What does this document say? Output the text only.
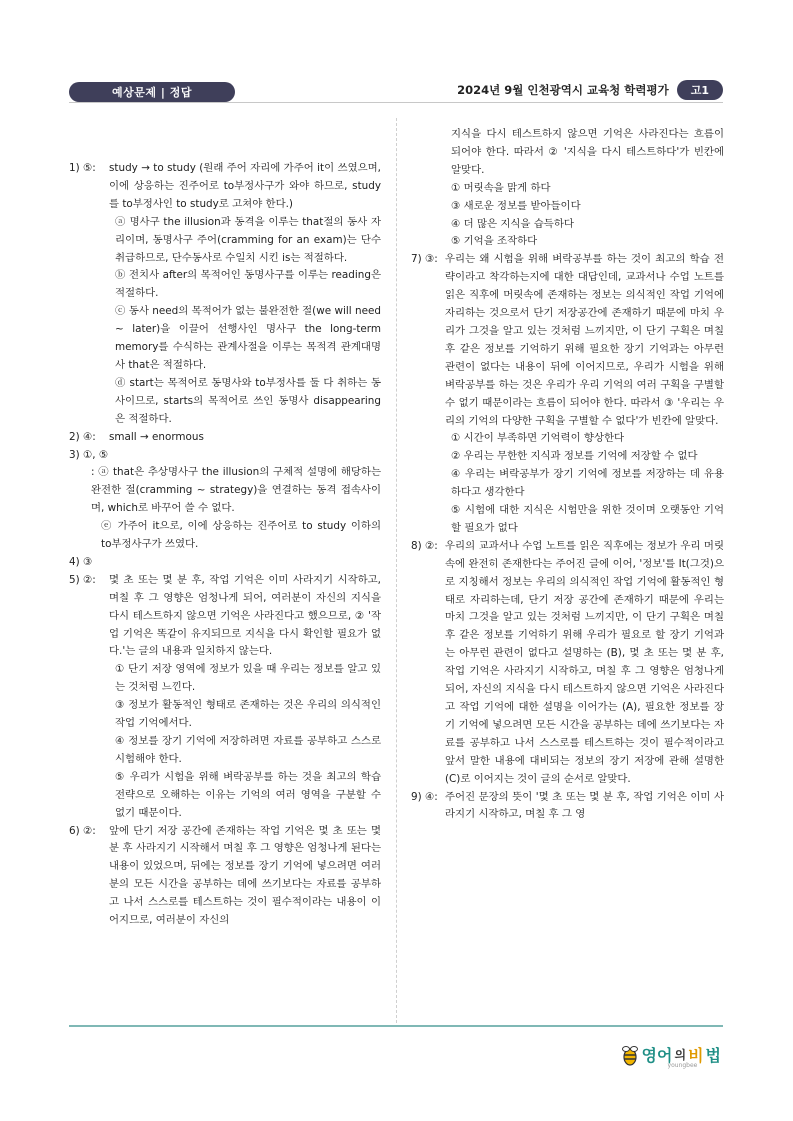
예상문제 | 정답	2024년 9월 인천광역시 교육청 학력평가	고1
1) ⑤:	study → to study (원래 주어 자리에 가주어 it이 쓰였으며, 이에 상응하는 진주어로 to부정사구가 와야 하므로, study를 to부정사인 to study로 고쳐야 한다.)

ⓐ 명사구 the illusion과 동격을 이루는 that절의 동사 자리이며, 동명사구 주어(cramming for an exam)는 단수 취급하므로, 단수동사로 수일치 시킨 is는 적절하다.

ⓑ 전치사 after의 목적어인 동명사구를 이루는 reading은 적절하다.

ⓒ 동사 need의 목적어가 없는 불완전한 절(we will need ~ later)을 이끌어 선행사인 명사구 the long-term memory를 수식하는 관계사절을 이루는 목적격 관계대명사 that은 적절하다.

ⓓ start는 목적어로 동명사와 to부정사를 둘 다 취하는 동사이므로, starts의 목적어로 쓰인 동명사 disappearing은 적절하다.

2) ④:	small → enormous
3) ①, ⑤

: ⓐ that은 추상명사구 the illusion의 구체적 설명에 해당하는 완전한 절(cramming ~ strategy)을 연결하는 동격 접속사이며, which로 바꾸어 쓸 수 없다.

ⓔ 가주어 it으로, 이에 상응하는 진주어로 to study 이하의 to부정사구가 쓰였다.

4) ③
5) ②:	몇 초 또는 몇 분 후, 작업 기억은 이미 사라지기 시작하고, 며칠 후 그 영향은 엄청나게 되어, 여러분이 자신의 지식을 다시 테스트하지 않으면 기억은 사라진다고 했으므로, ② '작업 기억은 똑같이 유지되므로 지식을 다시 확인할 필요가 없다.'는 글의 내용과 일치하지 않는다.

① 단기 저장 영역에 정보가 있을 때 우리는 정보를 알고 있는 것처럼 느낀다.

③ 정보가 활동적인 형태로 존재하는 것은 우리의 의식적인 작업 기억에서다.

④ 정보를 장기 기억에 저장하려면 자료를 공부하고 스스로 시험해야 한다.

⑤ 우리가 시험을 위해 벼락공부를 하는 것을 최고의 학습 전략으로 오해하는 이유는 기억의 여러 영역을 구분할 수 없기 때문이다.

6) ②:	앞에 단기 저장 공간에 존재하는 작업 기억은 몇 초 또는 몇 분 후 사라지기 시작해서 며칠 후 그 영향은 엄청나게 된다는 내용이 있었으며, 뒤에는 정보를 장기 기억에 넣으려면 여러분의 모든 시간을 공부하는 데에 쓰기보다는 자료를 공부하고 나서 스스로를 테스트하는 것이 필수적이라는 내용이 이어지므로, 여러분이 자신의

지식을 다시 테스트하지 않으면 기억은 사라진다는 흐름이 되어야 한다. 따라서 ② '지식을 다시 테스트하다'가 빈칸에 알맞다.

① 머릿속을 맑게 하다

③ 새로운 정보를 받아들이다

④ 더 많은 지식을 습득하다

⑤ 기억을 조작하다

7) ③: 우리는 왜 시험을 위해 벼락공부를 하는 것이 최고의 학습 전략이라고 착각하는지에 대한 대답인데, 교과서나 수업 노트를 읽은 직후에 머릿속에 존재하는 정보는 의식적인 작업 기억에 자리하는 것으로서 단기 저장공간에 존재하기 때문에 마치 우리가 그것을 알고 있는 것처럼 느끼지만, 이 단기 구획은 며칠 후 같은 정보를 기억하기 위해 필요한 장기 기억과는 아무런 관련이 없다는 내용이 뒤에 이어지므로, 우리가 시험을 위해 벼락공부를 하는 것은 우리가 우리 기억의 여러 구획을 구별할 수 없기 때문이라는 흐름이 되어야 한다. 따라서 ③ '우리는 우리의 기억의 다양한 구획을 구별할 수 없다'가 빈칸에 알맞다.

① 시간이 부족하면 기억력이 향상한다

② 우리는 무한한 지식과 정보를 기억에 저장할 수 없다

④ 우리는 벼락공부가 장기 기억에 정보를 저장하는 데 유용하다고 생각한다

⑤ 시험에 대한 지식은 시험만을 위한 것이며 오랫동안 기억할 필요가 없다

8) ②: 우리의 교과서나 수업 노트를 읽은 직후에는 정보가 우리 머릿속에 완전히 존재한다는 주어진 글에 이어, '정보'를 It(그것)으로 지칭해서 정보는 우리의 의식적인 작업 기억에 활동적인 형태로 자리하는데, 단기 저장 공간에 존재하기 때문에 우리는 마치 그것을 알고 있는 것처럼 느끼지만, 이 단기 구획은 며칠 후 같은 정보를 기억하기 위해 우리가 필요로 할 장기 기억과는 아무런 관련이 없다고 설명하는 (B), 몇 초 또는 몇 분 후, 작업 기억은 사라지기 시작하고, 며칠 후 그 영향은 엄청나게 되어, 자신의 지식을 다시 테스트하지 않으면 기억은 사라진다고 작업 기억에 대한 설명을 이어가는 (A), 필요한 정보를 장기 기억에 넣으려면 모든 시간을 공부하는 데에 쓰기보다는 자료를 공부하고 나서 스스로를 테스트하는 것이 필수적이라고 앞서 말한 내용에 대비되는 정보의 장기 저장에 관해 설명한 (C)로 이어지는 것이 글의 순서로 알맞다.
9) ④: 주어진 문장의 뜻이 '몇 초 또는 몇 분 후, 작업 기억은 이미 사라지기 시작하고, 며칠 후 그 영
영어 의 비 법
youngbee
